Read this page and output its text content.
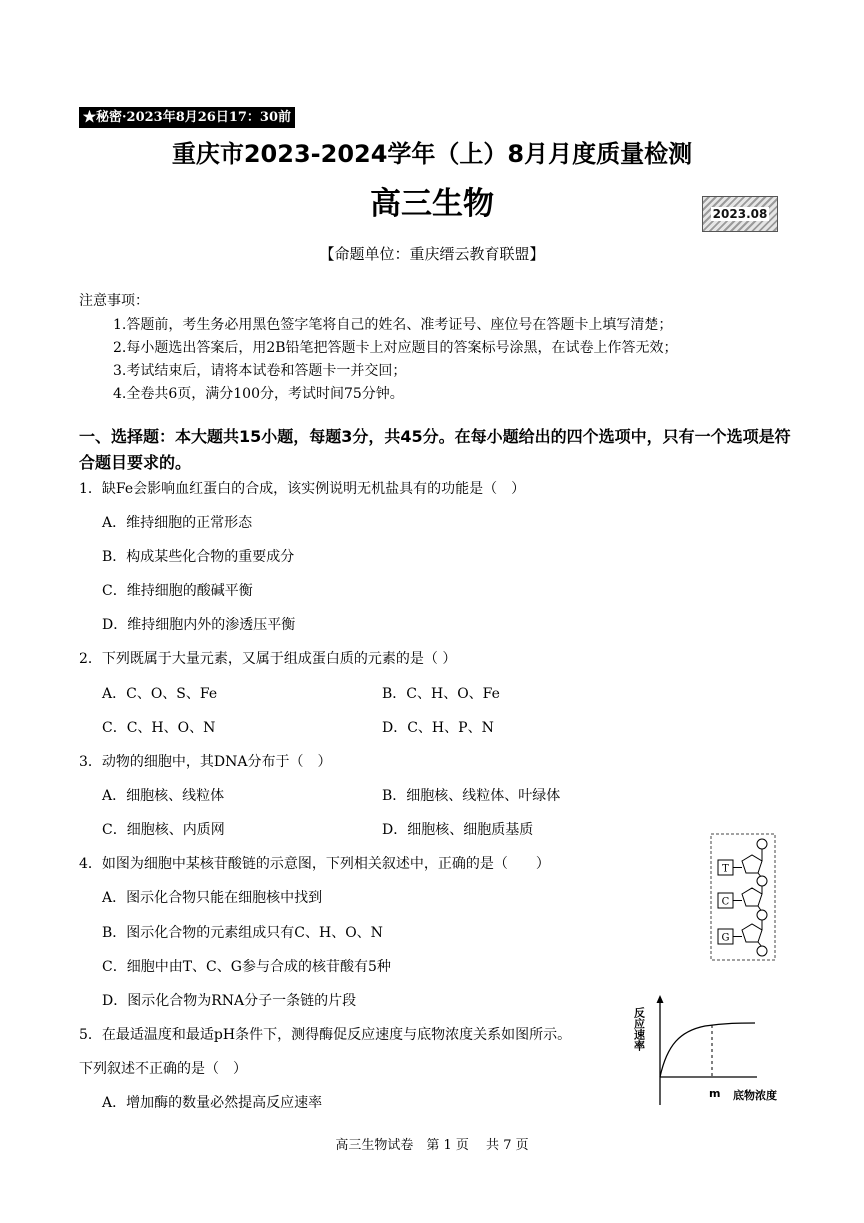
★秘密·2023年8月26日17：30前
重庆市2023-2024学年（上）8月月度质量检测
高三生物	2023.08
【命题单位：重庆缙云教育联盟】
注意事项：
1.答题前，考生务必用黑色签字笔将自己的姓名、准考证号、座位号在答题卡上填写清楚；
2.每小题选出答案后，用2B铅笔把答题卡上对应题目的答案标号涂黑，在试卷上作答无效；
3.考试结束后，请将本试卷和答题卡一并交回；
4.全卷共6页，满分100分，考试时间75分钟。
一、选择题：本大题共15小题，每题3分，共45分。在每小题给出的四个选项中，只有一个选项是符合题目要求的。
1．缺Fe会影响血红蛋白的合成，该实例说明无机盐具有的功能是（　）
A．维持细胞的正常形态
B．构成某些化合物的重要成分
C．维持细胞的酸碱平衡
D．维持细胞内外的渗透压平衡
2．下列既属于大量元素，又属于组成蛋白质的元素的是（ ）
A．C、O、S、Fe	B．C、H、O、Fe
C．C、H、O、N	D．C、H、P、N
3．动物的细胞中，其DNA分布于（　）
A．细胞核、线粒体	B．细胞核、线粒体、叶绿体
C．细胞核、内质网	D．细胞核、细胞质基质
4．如图为细胞中某核苷酸链的示意图，下列相关叙述中，正确的是（　　）
A．图示化合物只能在细胞核中找到
B．图示化合物的元素组成只有C、H、O、N
C．细胞中由T、C、G参与合成的核苷酸有5种
D．图示化合物为RNA分子一条链的片段
5．在最适温度和最适pH条件下，测得酶促反应速度与底物浓度关系如图所示。
下列叙述不正确的是（　）
A．增加酶的数量必然提高反应速率
T
C
G
反应速率
m 底物浓度
高三生物试卷　第 1 页　 共 7 页
